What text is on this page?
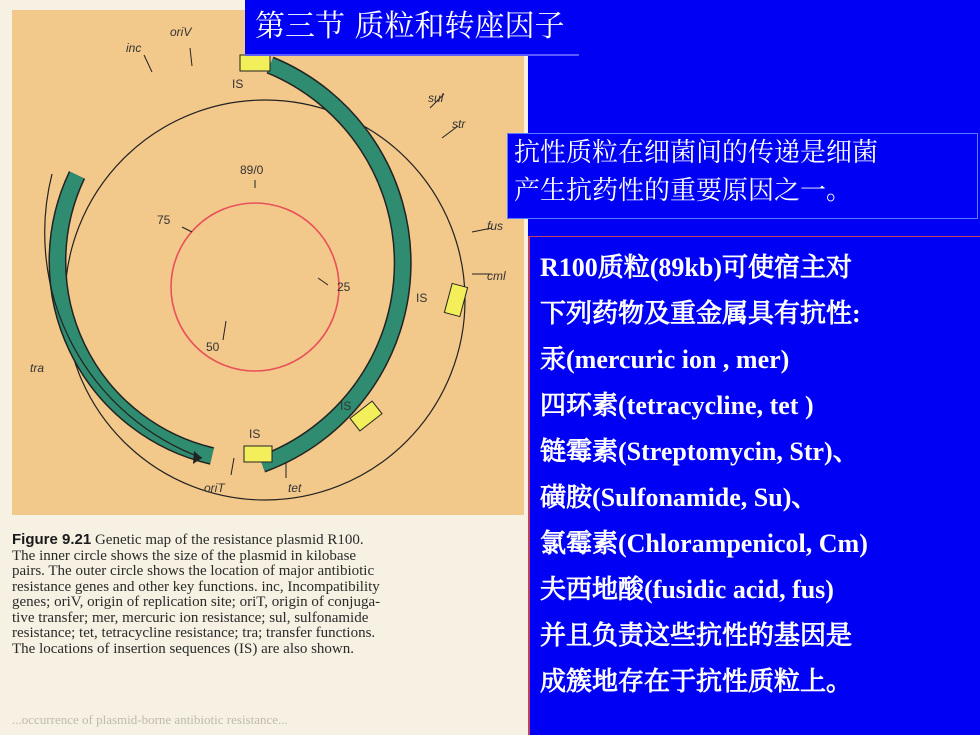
oriV
inc
IS
sul
str
89/0
75	fus
cml
25
IS
50
tra
IS
IS
oriT	tet
Figure 9.21 Genetic map of the resistance plasmid R100.
The inner circle shows the size of the plasmid in kilobase
pairs. The outer circle shows the location of major antibiotic
resistance genes and other key functions. inc, Incompatibility
genes; oriV, origin of replication site; oriT, origin of conjuga-
tive transfer; mer, mercuric ion resistance; sul, sulfonamide
resistance; tet, tetracycline resistance; tra; transfer functions.
The locations of insertion sequences (IS) are also shown.
...occurrence of plasmid-borne antibiotic resistance...
第三节 质粒和转座因子
抗性质粒在细菌间的传递是细菌
产生抗药性的重要原因之一。
R100质粒(89kb)可使宿主对
下列药物及重金属具有抗性:
汞(mercuric ion , mer)
四环素(tetracycline, tet )
链霉素(Streptomycin, Str)、
磺胺(Sulfonamide, Su)、
氯霉素(Chlorampenicol, Cm)
夫西地酸(fusidic acid, fus)
并且负责这些抗性的基因是
成簇地存在于抗性质粒上。
